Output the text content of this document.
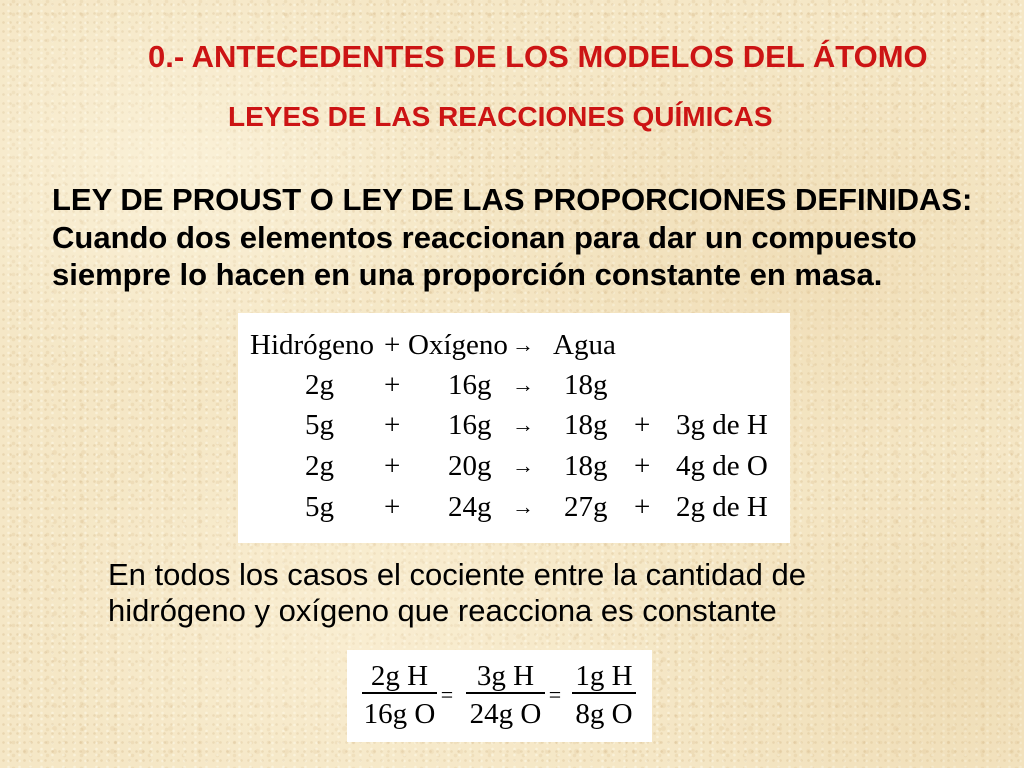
0.- ANTECEDENTES DE LOS MODELOS DEL ÁTOMO
LEYES DE LAS REACCIONES QUÍMICAS
LEY DE PROUST O LEY DE LAS PROPORCIONES DEFINIDAS:
Cuando dos elementos reaccionan para dar un compuesto
siempre lo hacen en una proporción constante en masa.
Hidrógeno + Oxígeno → Agua
2g + 16g → 18g
5g + 16g → 18g + 3g de H
2g + 20g → 18g + 4g de O
5g + 24g → 27g + 2g de H
En todos los casos el cociente entre la cantidad de
hidrógeno y oxígeno que reacciona es constante
2g H
16g O
=
3g H
24g O
=
1g H
8g O
